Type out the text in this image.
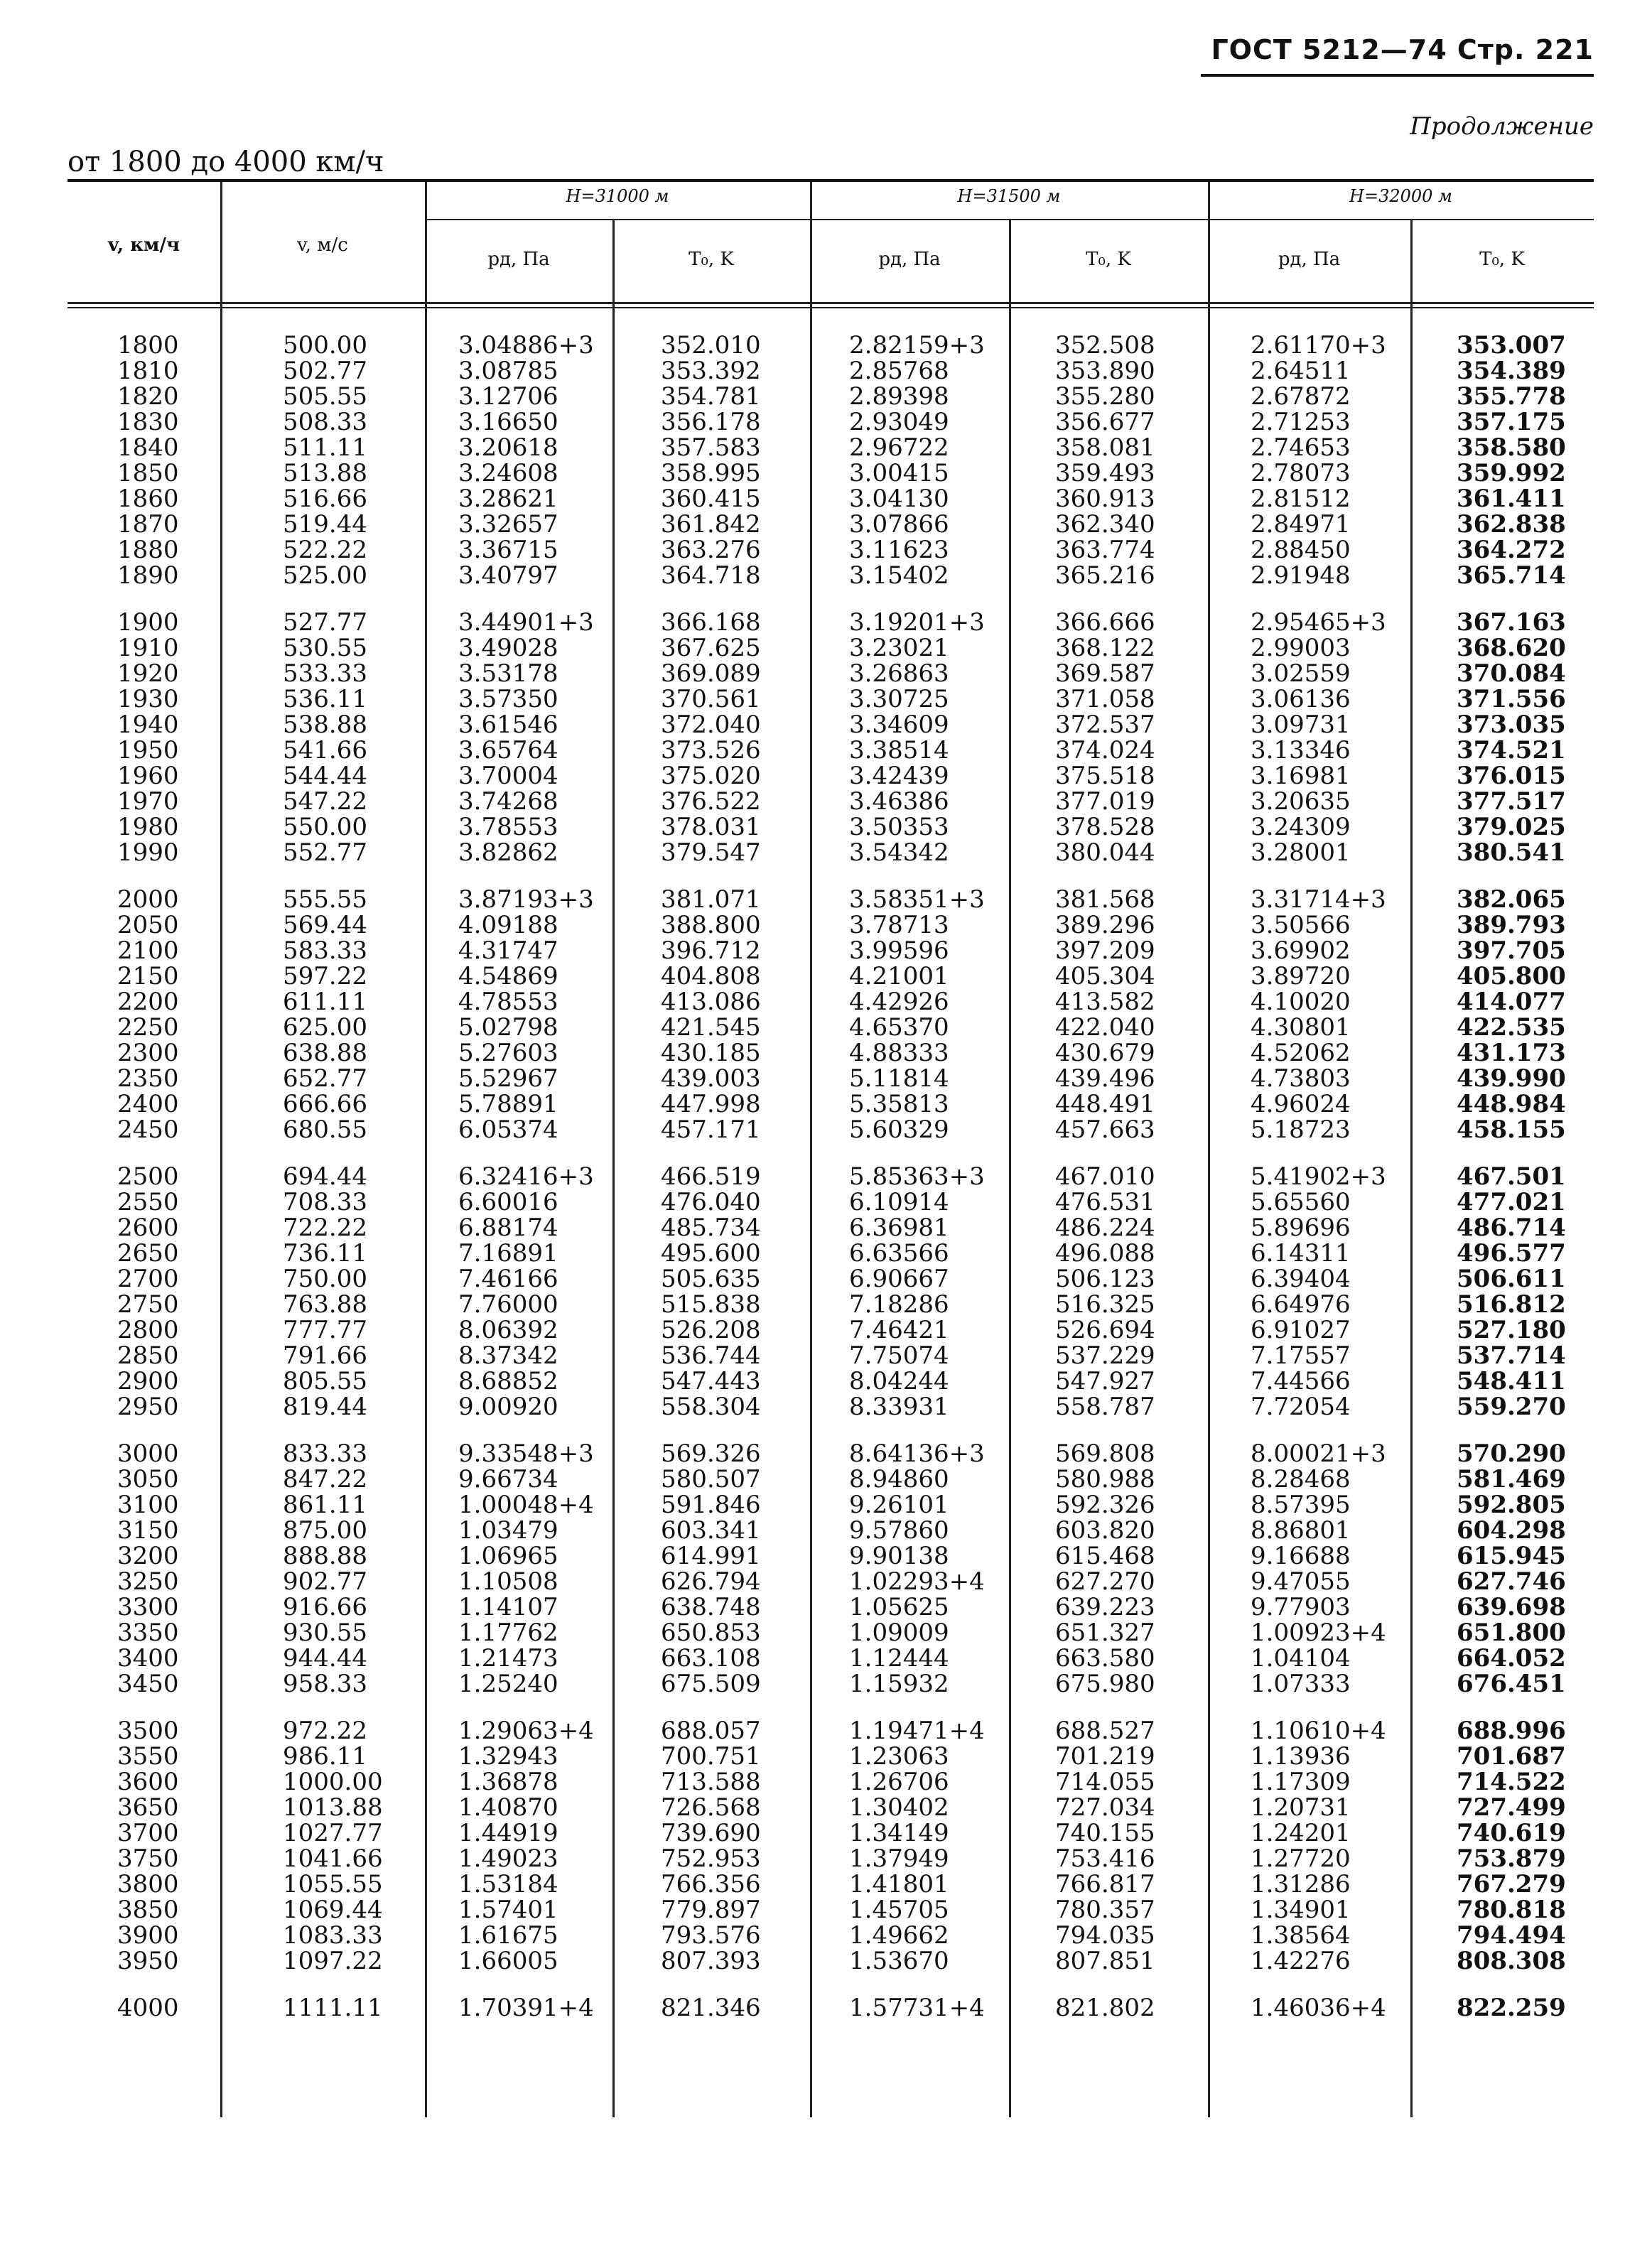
ГОСТ 5212—74 Стр. 221
Продолжение
от 1800 до 4000 км/ч
H=31000 м	H=31500 м	H=32000 м
v, км/ч	v, м/с
pд, Па	T₀, K	pд, Па	T₀, K	pд, Па	T₀, K
1800	500.00	3.04886+3	352.010	2.82159+3	352.508	2.61170+3	353.007
1810	502.77	3.08785	353.392	2.85768	353.890	2.64511	354.389
1820	505.55	3.12706	354.781	2.89398	355.280	2.67872	355.778
1830	508.33	3.16650	356.178	2.93049	356.677	2.71253	357.175
1840	511.11	3.20618	357.583	2.96722	358.081	2.74653	358.580
1850	513.88	3.24608	358.995	3.00415	359.493	2.78073	359.992
1860	516.66	3.28621	360.415	3.04130	360.913	2.81512	361.411
1870	519.44	3.32657	361.842	3.07866	362.340	2.84971	362.838
1880	522.22	3.36715	363.276	3.11623	363.774	2.88450	364.272
1890	525.00	3.40797	364.718	3.15402	365.216	2.91948	365.714
1900	527.77	3.44901+3	366.168	3.19201+3	366.666	2.95465+3	367.163
1910	530.55	3.49028	367.625	3.23021	368.122	2.99003	368.620
1920	533.33	3.53178	369.089	3.26863	369.587	3.02559	370.084
1930	536.11	3.57350	370.561	3.30725	371.058	3.06136	371.556
1940	538.88	3.61546	372.040	3.34609	372.537	3.09731	373.035
1950	541.66	3.65764	373.526	3.38514	374.024	3.13346	374.521
1960	544.44	3.70004	375.020	3.42439	375.518	3.16981	376.015
1970	547.22	3.74268	376.522	3.46386	377.019	3.20635	377.517
1980	550.00	3.78553	378.031	3.50353	378.528	3.24309	379.025
1990	552.77	3.82862	379.547	3.54342	380.044	3.28001	380.541
2000	555.55	3.87193+3	381.071	3.58351+3	381.568	3.31714+3	382.065
2050	569.44	4.09188	388.800	3.78713	389.296	3.50566	389.793
2100	583.33	4.31747	396.712	3.99596	397.209	3.69902	397.705
2150	597.22	4.54869	404.808	4.21001	405.304	3.89720	405.800
2200	611.11	4.78553	413.086	4.42926	413.582	4.10020	414.077
2250	625.00	5.02798	421.545	4.65370	422.040	4.30801	422.535
2300	638.88	5.27603	430.185	4.88333	430.679	4.52062	431.173
2350	652.77	5.52967	439.003	5.11814	439.496	4.73803	439.990
2400	666.66	5.78891	447.998	5.35813	448.491	4.96024	448.984
2450	680.55	6.05374	457.171	5.60329	457.663	5.18723	458.155
2500	694.44	6.32416+3	466.519	5.85363+3	467.010	5.41902+3	467.501
2550	708.33	6.60016	476.040	6.10914	476.531	5.65560	477.021
2600	722.22	6.88174	485.734	6.36981	486.224	5.89696	486.714
2650	736.11	7.16891	495.600	6.63566	496.088	6.14311	496.577
2700	750.00	7.46166	505.635	6.90667	506.123	6.39404	506.611
2750	763.88	7.76000	515.838	7.18286	516.325	6.64976	516.812
2800	777.77	8.06392	526.208	7.46421	526.694	6.91027	527.180
2850	791.66	8.37342	536.744	7.75074	537.229	7.17557	537.714
2900	805.55	8.68852	547.443	8.04244	547.927	7.44566	548.411
2950	819.44	9.00920	558.304	8.33931	558.787	7.72054	559.270
3000	833.33	9.33548+3	569.326	8.64136+3	569.808	8.00021+3	570.290
3050	847.22	9.66734	580.507	8.94860	580.988	8.28468	581.469
3100	861.11	1.00048+4	591.846	9.26101	592.326	8.57395	592.805
3150	875.00	1.03479	603.341	9.57860	603.820	8.86801	604.298
3200	888.88	1.06965	614.991	9.90138	615.468	9.16688	615.945
3250	902.77	1.10508	626.794	1.02293+4	627.270	9.47055	627.746
3300	916.66	1.14107	638.748	1.05625	639.223	9.77903	639.698
3350	930.55	1.17762	650.853	1.09009	651.327	1.00923+4	651.800
3400	944.44	1.21473	663.108	1.12444	663.580	1.04104	664.052
3450	958.33	1.25240	675.509	1.15932	675.980	1.07333	676.451
3500	972.22	1.29063+4	688.057	1.19471+4	688.527	1.10610+4	688.996
3550	986.11	1.32943	700.751	1.23063	701.219	1.13936	701.687
3600	1000.00	1.36878	713.588	1.26706	714.055	1.17309	714.522
3650	1013.88	1.40870	726.568	1.30402	727.034	1.20731	727.499
3700	1027.77	1.44919	739.690	1.34149	740.155	1.24201	740.619
3750	1041.66	1.49023	752.953	1.37949	753.416	1.27720	753.879
3800	1055.55	1.53184	766.356	1.41801	766.817	1.31286	767.279
3850	1069.44	1.57401	779.897	1.45705	780.357	1.34901	780.818
3900	1083.33	1.61675	793.576	1.49662	794.035	1.38564	794.494
3950	1097.22	1.66005	807.393	1.53670	807.851	1.42276	808.308
4000	1111.11	1.70391+4	821.346	1.57731+4	821.802	1.46036+4	822.259
